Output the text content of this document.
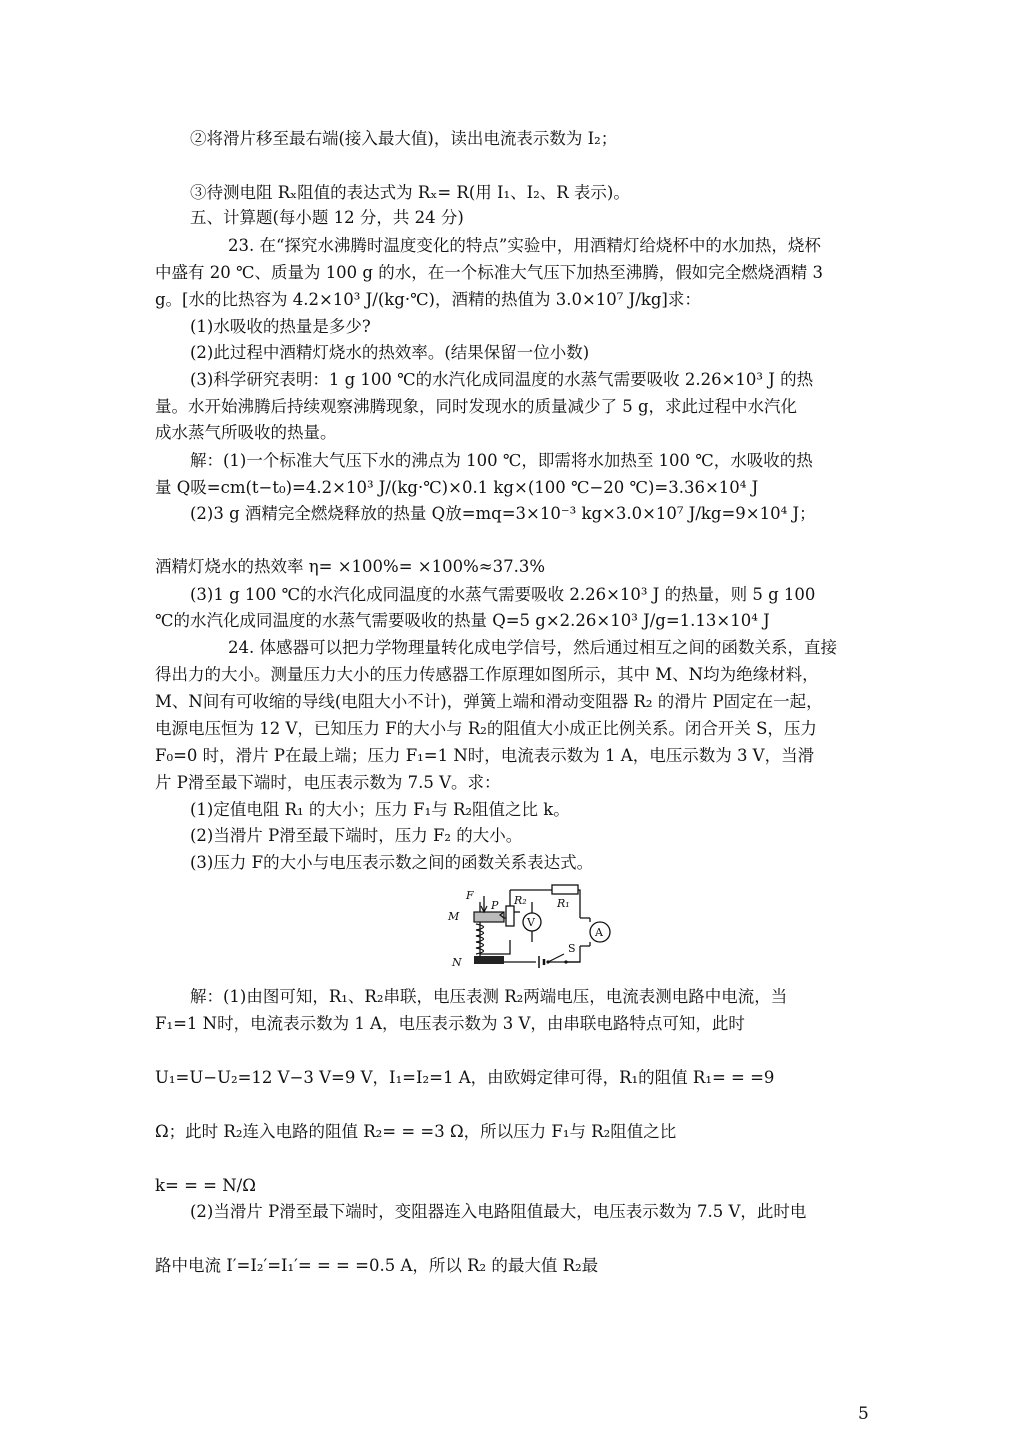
②将滑片移至最右端(接入最大值)，读出电流表示数为 I₂；
③待测电阻 Rₓ阻值的表达式为 Rₓ= R(用 I₁、I₂、R 表示)。
五、计算题(每小题 12 分，共 24 分)
23. 在“探究水沸腾时温度变化的特点”实验中，用酒精灯给烧杯中的水加热，烧杯
中盛有 20 ℃、质量为 100 g 的水，在一个标准大气压下加热至沸腾，假如完全燃烧酒精 3
g。[水的比热容为 4.2×10³ J/(kg·℃)，酒精的热值为 3.0×10⁷ J/kg]求：
(1)水吸收的热量是多少?
(2)此过程中酒精灯烧水的热效率。(结果保留一位小数)
(3)科学研究表明：1 g 100 ℃的水汽化成同温度的水蒸气需要吸收 2.26×10³ J 的热
量。水开始沸腾后持续观察沸腾现象，同时发现水的质量减少了 5 g，求此过程中水汽化
成水蒸气所吸收的热量。
解：(1)一个标准大气压下水的沸点为 100 ℃，即需将水加热至 100 ℃，水吸收的热
量 Q吸=cm(t−t₀)=4.2×10³ J/(kg·℃)×0.1 kg×(100 ℃−20 ℃)=3.36×10⁴ J
(2)3 g 酒精完全燃烧释放的热量 Q放=mq=3×10⁻³ kg×3.0×10⁷ J/kg=9×10⁴ J；
酒精灯烧水的热效率 η= ×100%= ×100%≈37.3%
(3)1 g 100 ℃的水汽化成同温度的水蒸气需要吸收 2.26×10³ J 的热量，则 5 g 100
℃的水汽化成同温度的水蒸气需要吸收的热量 Q=5 g×2.26×10³ J/g=1.13×10⁴ J
24. 体感器可以把力学物理量转化成电学信号，然后通过相互之间的函数关系，直接
得出力的大小。测量压力大小的压力传感器工作原理如图所示，其中 M、N均为绝缘材料，
M、N间有可收缩的导线(电阻大小不计)，弹簧上端和滑动变阻器 R₂ 的滑片 P固定在一起，
电源电压恒为 12 V，已知压力 F的大小与 R₂的阻值大小成正比例关系。闭合开关 S，压力
F₀=0 时，滑片 P在最上端；压力 F₁=1 N时，电流表示数为 1 A，电压示数为 3 V，当滑
片 P滑至最下端时，电压表示数为 7.5 V。求：
(1)定值电阻 R₁ 的大小；压力 F₁与 R₂阻值之比 k。
(2)当滑片 P滑至最下端时，压力 F₂ 的大小。
(3)压力 F的大小与电压表示数之间的函数关系表达式。
F
P R₂	R₁
V
A
S
M
N
解：(1)由图可知，R₁、R₂串联，电压表测 R₂两端电压，电流表测电路中电流，当
F₁=1 N时，电流表示数为 1 A，电压表示数为 3 V，由串联电路特点可知，此时
U₁=U−U₂=12 V−3 V=9 V，I₁=I₂=1 A，由欧姆定律可得，R₁的阻值 R₁= = =9
Ω；此时 R₂连入电路的阻值 R₂= = =3 Ω，所以压力 F₁与 R₂阻值之比
k= = = N/Ω
(2)当滑片 P滑至最下端时，变阻器连入电路阻值最大，电压表示数为 7.5 V，此时电
路中电流 I′=I₂′=I₁′= = = =0.5 A，所以 R₂ 的最大值 R₂最
5
